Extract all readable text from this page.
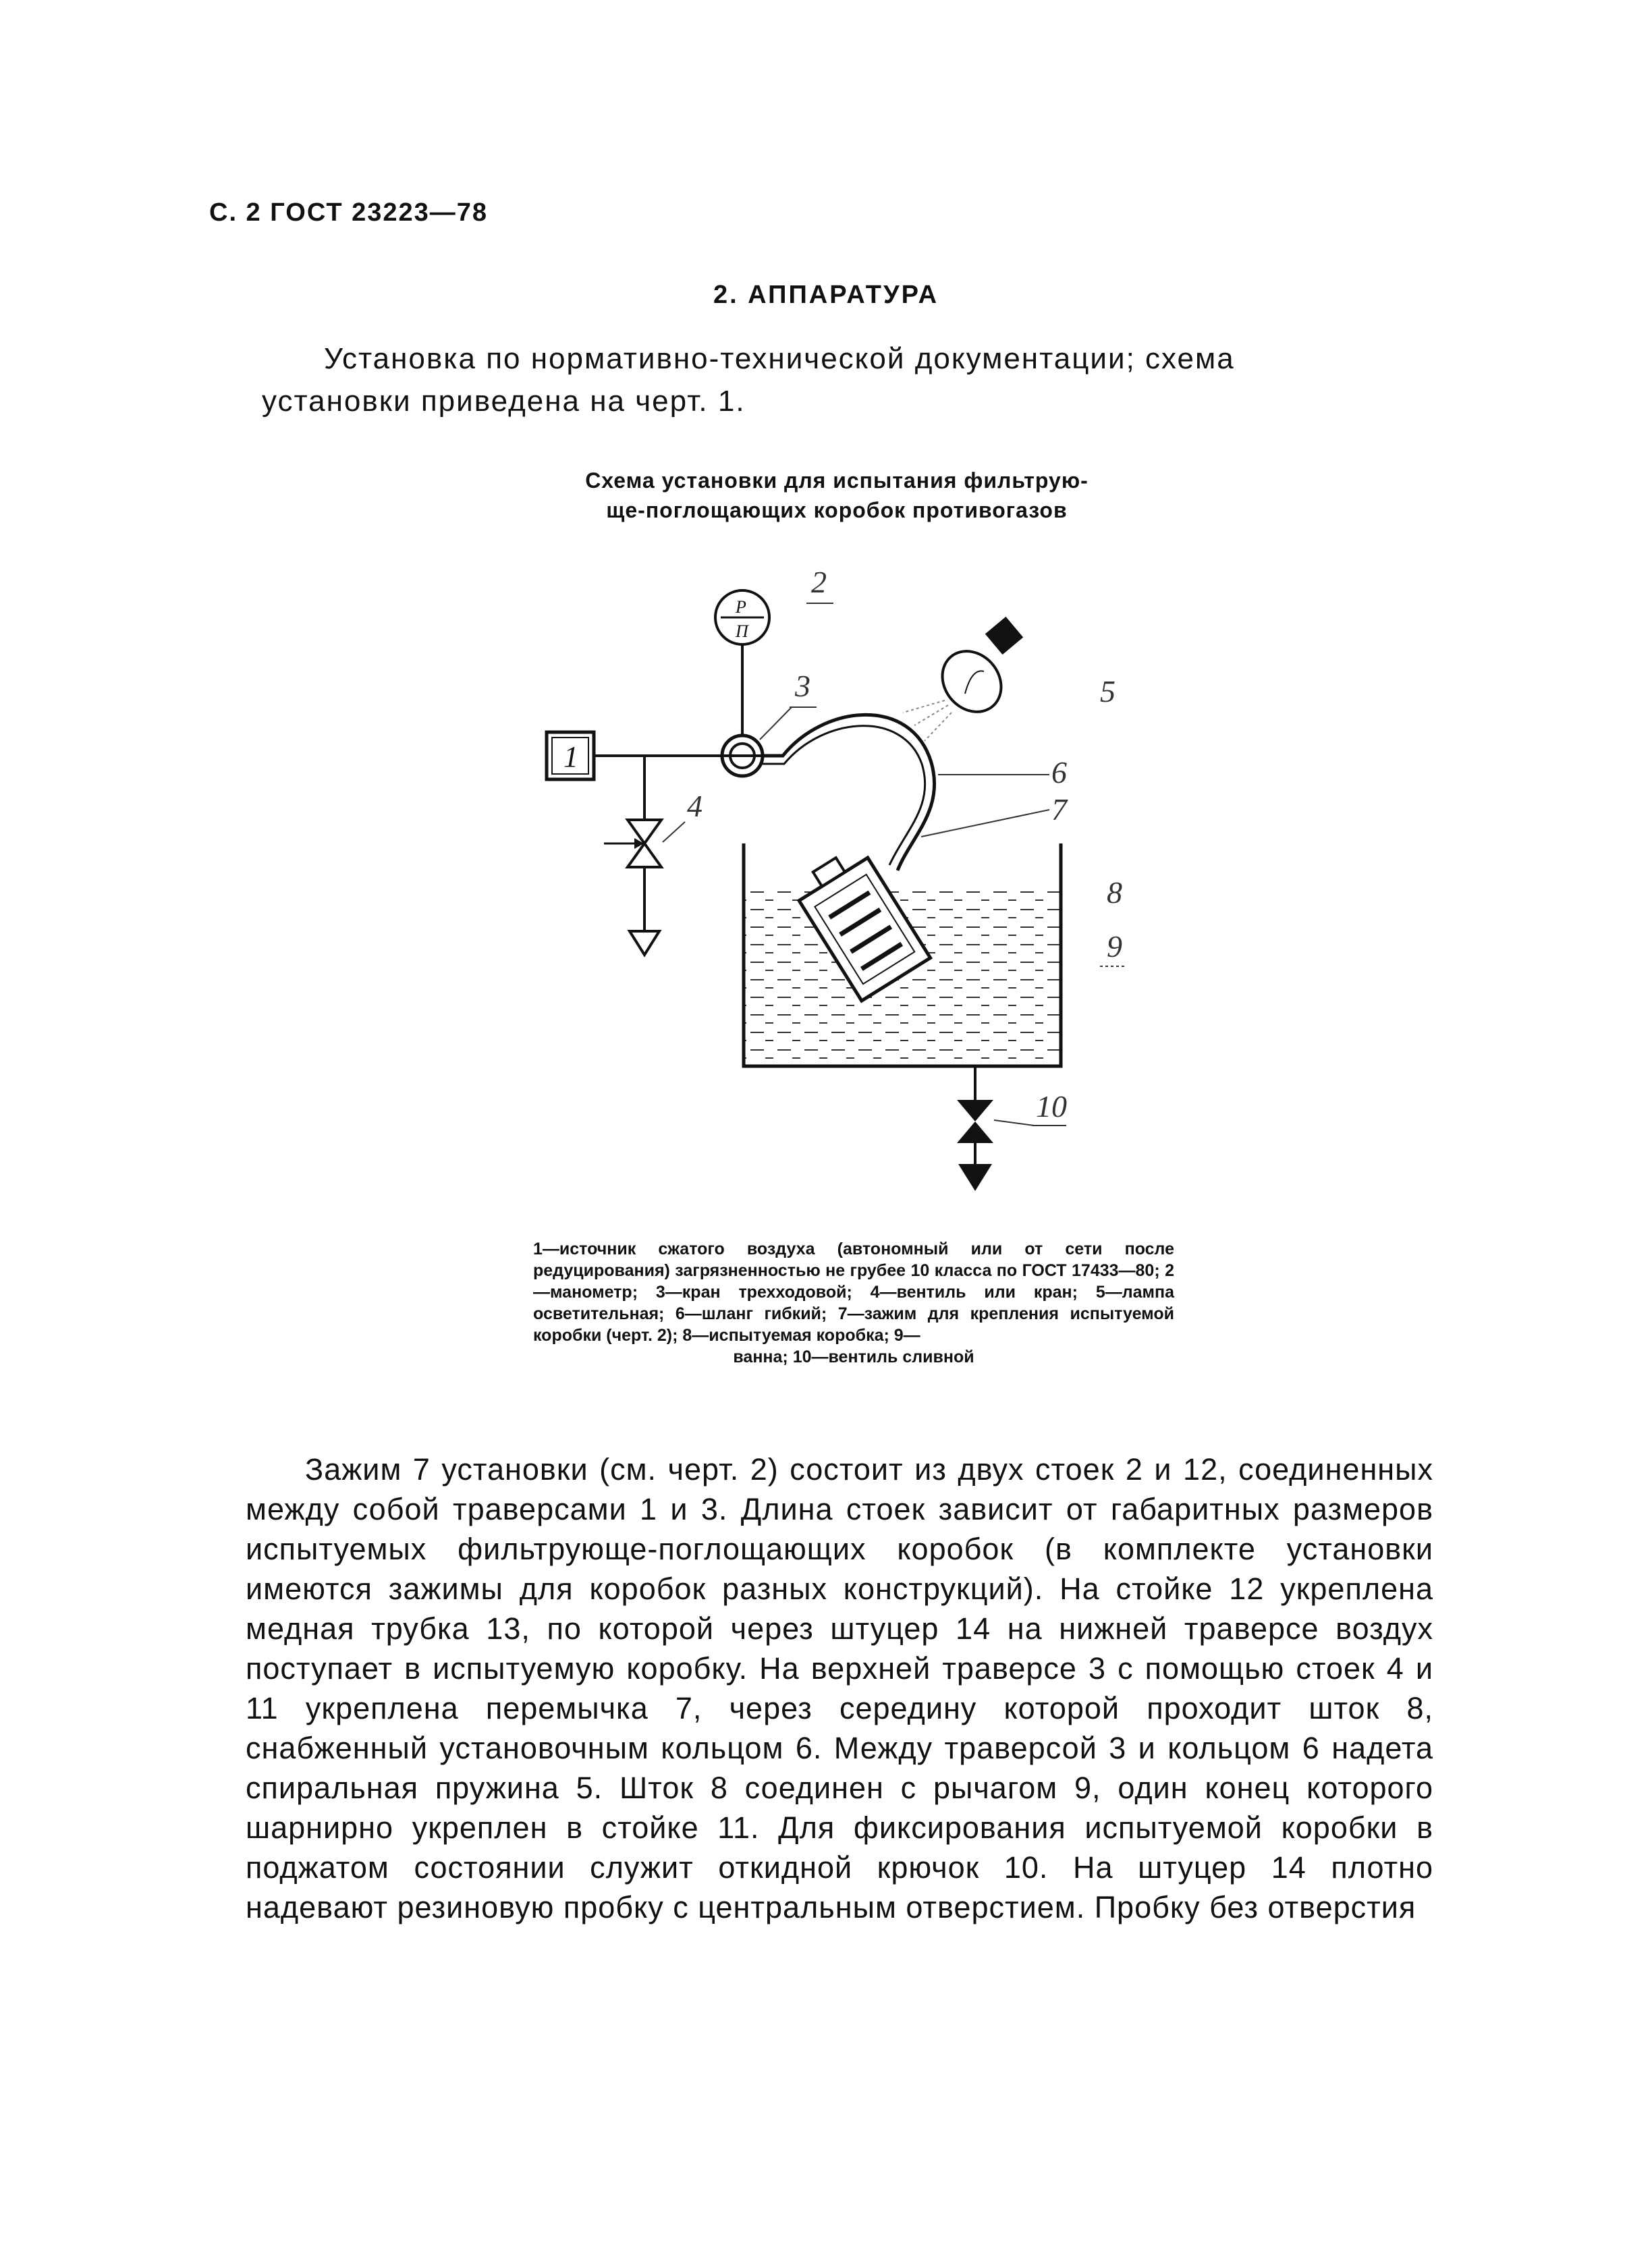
С. 2 ГОСТ 23223—78
2. АППАРАТУРА
Установка по нормативно-технической документации; схема
установки приведена на черт. 1.
Схема установки для испытания фильтрую-
ще-поглощающих коробок противогазов
1
Р
П
2
3
4
5
6
7
8
9
10
1—источник сжатого воздуха (автономный или от сети после редуцирования) загрязненностью не грубее 10 класса по ГОСТ 17433—80; 2—манометр; 3—кран трехходовой; 4—вентиль или кран; 5—лампа осветительная; 6—шланг гибкий; 7—зажим для крепления испытуемой коробки (черт. 2); 8—испытуемая коробка; 9—
ванна; 10—вентиль сливной
Зажим 7 установки (см. черт. 2) состоит из двух стоек 2 и 12, соединенных между собой траверсами 1 и 3. Длина стоек зависит от габаритных размеров испытуемых фильтрующе-поглощающих коробок (в комплекте установки имеются зажимы для коробок разных конструкций). На стойке 12 укреплена медная трубка 13, по которой через штуцер 14 на нижней траверсе воздух поступает в испытуемую коробку. На верхней траверсе 3 с помощью стоек 4 и 11 укреплена перемычка 7, через середину которой проходит шток 8, снабженный установочным кольцом 6. Между траверсой 3 и кольцом 6 надета спиральная пружина 5. Шток 8 соединен с рычагом 9, один конец которого шарнирно укреплен в стойке 11. Для фиксирования испытуемой коробки в поджатом состоянии служит откидной крючок 10. На штуцер 14 плотно надевают резиновую пробку с центральным отверстием. Пробку без отверстия
